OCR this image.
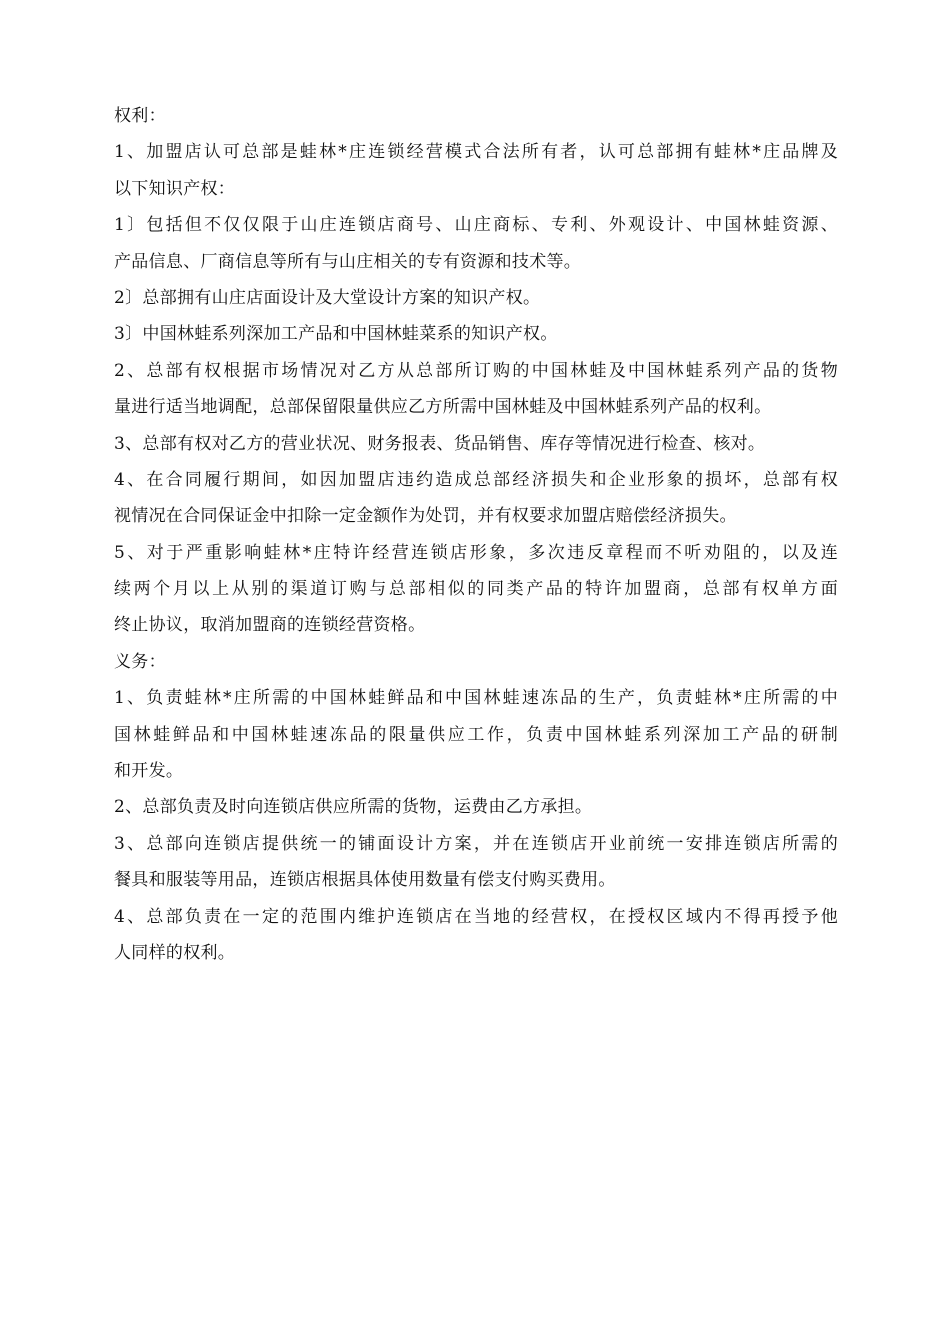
权利：

1、加盟店认可总部是蛙林*庄连锁经营模式合法所有者，认可总部拥有蛙林*庄品牌及
以下知识产权：

1〕包括但不仅仅限于山庄连锁店商号、山庄商标、专利、外观设计、中国林蛙资源、
产品信息、厂商信息等所有与山庄相关的专有资源和技术等。

2〕总部拥有山庄店面设计及大堂设计方案的知识产权。

3〕中国林蛙系列深加工产品和中国林蛙菜系的知识产权。

2、总部有权根据市场情况对乙方从总部所订购的中国林蛙及中国林蛙系列产品的货物
量进行适当地调配，总部保留限量供应乙方所需中国林蛙及中国林蛙系列产品的权利。

3、总部有权对乙方的营业状况、财务报表、货品销售、库存等情况进行检查、核对。

4、在合同履行期间，如因加盟店违约造成总部经济损失和企业形象的损坏，总部有权
视情况在合同保证金中扣除一定金额作为处罚，并有权要求加盟店赔偿经济损失。

5、对于严重影响蛙林*庄特许经营连锁店形象，多次违反章程而不听劝阻的，以及连
续两个月以上从别的渠道订购与总部相似的同类产品的特许加盟商，总部有权单方面
终止协议，取消加盟商的连锁经营资格。

义务：

1、负责蛙林*庄所需的中国林蛙鲜品和中国林蛙速冻品的生产，负责蛙林*庄所需的中
国林蛙鲜品和中国林蛙速冻品的限量供应工作，负责中国林蛙系列深加工产品的研制
和开发。

2、总部负责及时向连锁店供应所需的货物，运费由乙方承担。

3、总部向连锁店提供统一的铺面设计方案，并在连锁店开业前统一安排连锁店所需的
餐具和服装等用品，连锁店根据具体使用数量有偿支付购买费用。

4、总部负责在一定的范围内维护连锁店在当地的经营权，在授权区域内不得再授予他
人同样的权利。
